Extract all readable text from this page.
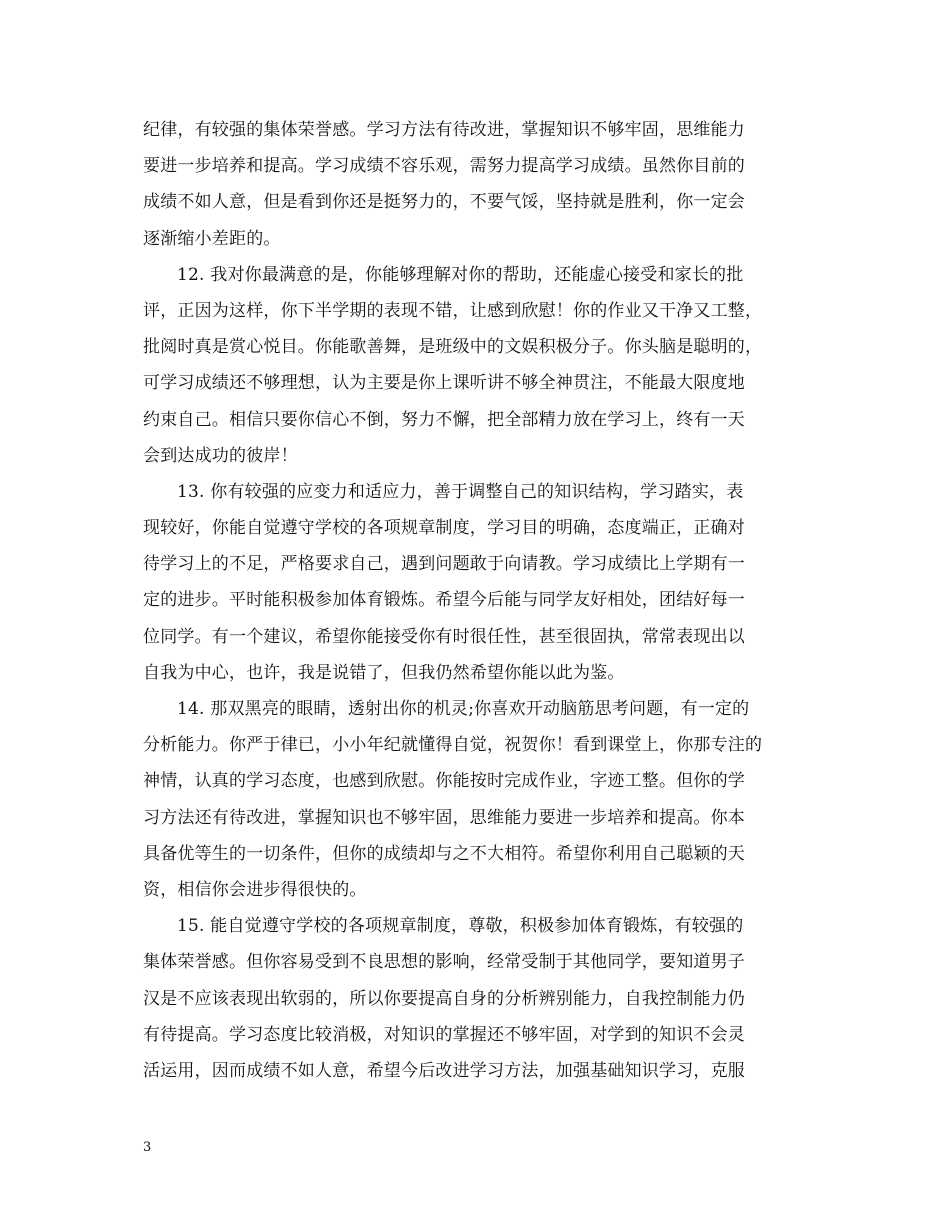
纪律，有较强的集体荣誉感。学习方法有待改进，掌握知识不够牢固，思维能力
要进一步培养和提高。学习成绩不容乐观，需努力提高学习成绩。虽然你目前的
成绩不如人意，但是看到你还是挺努力的，不要气馁，坚持就是胜利，你一定会
逐渐缩小差距的。
12. 我对你最满意的是，你能够理解对你的帮助，还能虚心接受和家长的批
评，正因为这样，你下半学期的表现不错，让感到欣慰！你的作业又干净又工整，
批阅时真是赏心悦目。你能歌善舞，是班级中的文娱积极分子。你头脑是聪明的，
可学习成绩还不够理想，认为主要是你上课听讲不够全神贯注，不能最大限度地
约束自己。相信只要你信心不倒，努力不懈，把全部精力放在学习上，终有一天
会到达成功的彼岸！
13. 你有较强的应变力和适应力，善于调整自己的知识结构，学习踏实，表
现较好，你能自觉遵守学校的各项规章制度，学习目的明确，态度端正，正确对
待学习上的不足，严格要求自己，遇到问题敢于向请教。学习成绩比上学期有一
定的进步。平时能积极参加体育锻炼。希望今后能与同学友好相处，团结好每一
位同学。有一个建议，希望你能接受你有时很任性，甚至很固执，常常表现出以
自我为中心，也许，我是说错了，但我仍然希望你能以此为鉴。
14. 那双黑亮的眼睛，透射出你的机灵;你喜欢开动脑筋思考问题，有一定的
分析能力。你严于律已，小小年纪就懂得自觉，祝贺你！看到课堂上，你那专注的
神情，认真的学习态度，也感到欣慰。你能按时完成作业，字迹工整。但你的学
习方法还有待改进，掌握知识也不够牢固，思维能力要进一步培养和提高。你本
具备优等生的一切条件，但你的成绩却与之不大相符。希望你利用自己聪颖的天
资，相信你会进步得很快的。
15. 能自觉遵守学校的各项规章制度，尊敬，积极参加体育锻炼，有较强的
集体荣誉感。但你容易受到不良思想的影响，经常受制于其他同学，要知道男子
汉是不应该表现出软弱的，所以你要提高自身的分析辨别能力，自我控制能力仍
有待提高。学习态度比较消极，对知识的掌握还不够牢固，对学到的知识不会灵
活运用，因而成绩不如人意，希望今后改进学习方法，加强基础知识学习，克服
3
